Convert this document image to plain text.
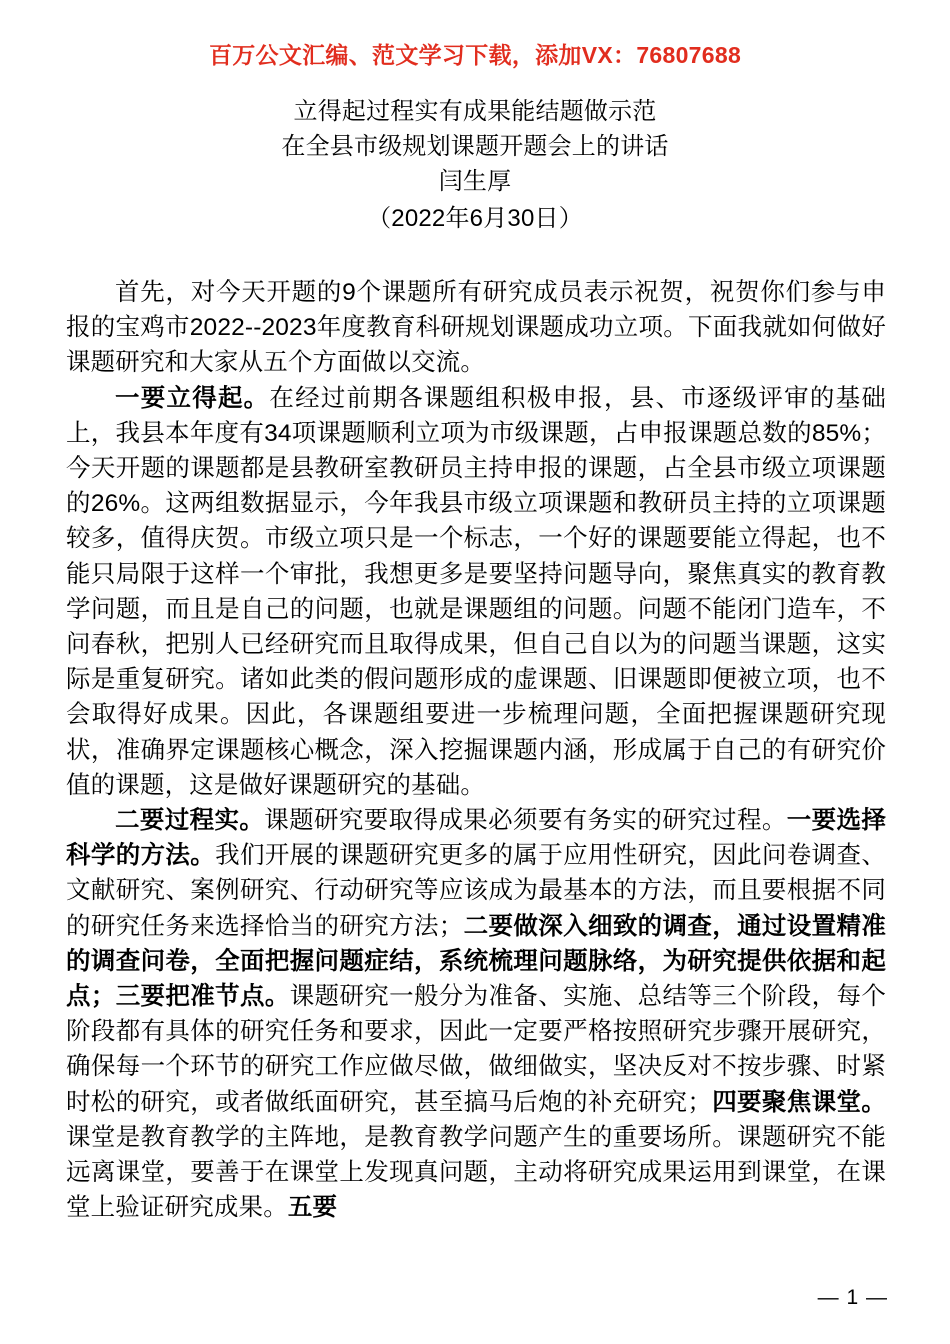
百万公文汇编、范文学习下载，添加VX：76807688
立得起过程实有成果能结题做示范
在全县市级规划课题开题会上的讲话
闫生厚
（2022年6月30日）

首先，对今天开题的9个课题所有研究成员表示祝贺，祝贺你们参与申报的宝鸡市2022--2023年度教育科研规划课题成功立项。下面我就如何做好课题研究和大家从五个方面做以交流。

一要立得起。在经过前期各课题组积极申报，县、市逐级评审的基础上，我县本年度有34项课题顺利立项为市级课题，占申报课题总数的85%；今天开题的课题都是县教研室教研员主持申报的课题，占全县市级立项课题的26%。这两组数据显示，今年我县市级立项课题和教研员主持的立项课题较多，值得庆贺。市级立项只是一个标志，一个好的课题要能立得起，也不能只局限于这样一个审批，我想更多是要坚持问题导向，聚焦真实的教育教学问题，而且是自己的问题，也就是课题组的问题。问题不能闭门造车，不问春秋，把别人已经研究而且取得成果，但自己自以为的问题当课题，这实际是重复研究。诸如此类的假问题形成的虚课题、旧课题即便被立项，也不会取得好成果。因此，各课题组要进一步梳理问题，全面把握课题研究现状，准确界定课题核心概念，深入挖掘课题内涵，形成属于自己的有研究价值的课题，这是做好课题研究的基础。

二要过程实。课题研究要取得成果必须要有务实的研究过程。一要选择科学的方法。我们开展的课题研究更多的属于应用性研究，因此问卷调查、文献研究、案例研究、行动研究等应该成为最基本的方法，而且要根据不同的研究任务来选择恰当的研究方法；二要做深入细致的调查，通过设置精准的调查问卷，全面把握问题症结，系统梳理问题脉络，为研究提供依据和起点；三要把准节点。课题研究一般分为准备、实施、总结等三个阶段，每个阶段都有具体的研究任务和要求，因此一定要严格按照研究步骤开展研究，确保每一个环节的研究工作应做尽做，做细做实，坚决反对不按步骤、时紧时松的研究，或者做纸面研究，甚至搞马后炮的补充研究；四要聚焦课堂。课堂是教育教学的主阵地，是教育教学问题产生的重要场所。课题研究不能远离课堂，要善于在课堂上发现真问题，主动将研究成果运用到课堂，在课堂上验证研究成果。五要

— 1 —
